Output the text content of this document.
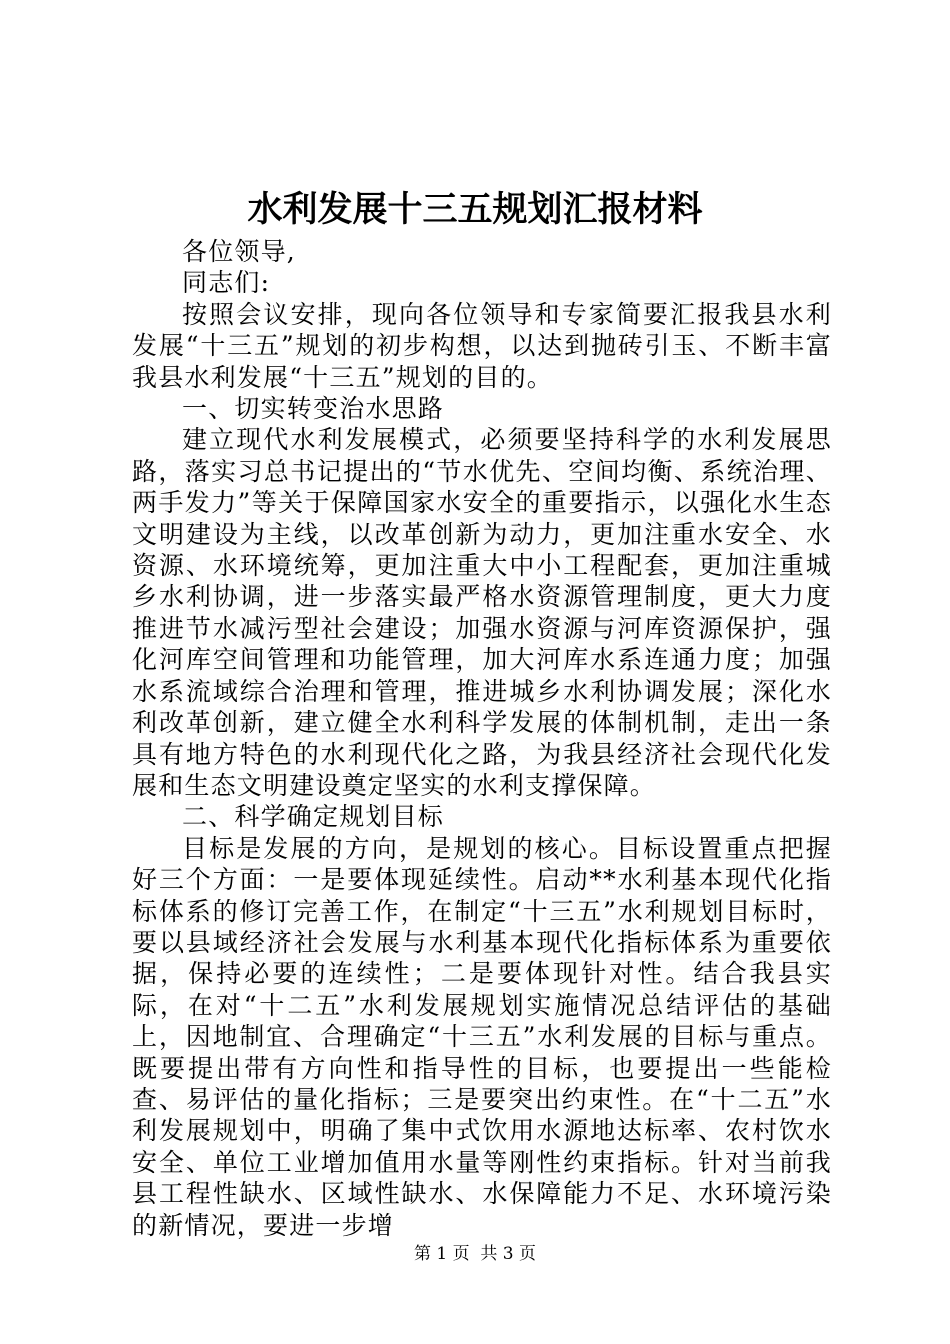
水利发展十三五规划汇报材料

各位领导,

同志们:

按照会议安排，现向各位领导和专家简要汇报我县水利发展“十三五”规划的初步构想，以达到抛砖引玉、不断丰富我县水利发展“十三五”规划的目的。

一、切实转变治水思路

建立现代水利发展模式，必须要坚持科学的水利发展思路，落实习总书记提出的“节水优先、空间均衡、系统治理、两手发力”等关于保障国家水安全的重要指示，以强化水生态文明建设为主线，以改革创新为动力，更加注重水安全、水资源、水环境统筹，更加注重大中小工程配套，更加注重城乡水利协调，进一步落实最严格水资源管理制度，更大力度推进节水减污型社会建设；加强水资源与河库资源保护，强化河库空间管理和功能管理，加大河库水系连通力度；加强水系流域综合治理和管理，推进城乡水利协调发展；深化水利改革创新，建立健全水利科学发展的体制机制，走出一条具有地方特色的水利现代化之路，为我县经济社会现代化发展和生态文明建设奠定坚实的水利支撑保障。

二、科学确定规划目标

目标是发展的方向，是规划的核心。目标设置重点把握好三个方面：一是要体现延续性。启动**水利基本现代化指标体系的修订完善工作，在制定“十三五”水利规划目标时，要以县域经济社会发展与水利基本现代化指标体系为重要依据，保持必要的连续性；二是要体现针对性。结合我县实际，在对“十二五”水利发展规划实施情况总结评估的基础上，因地制宜、合理确定“十三五”水利发展的目标与重点。既要提出带有方向性和指导性的目标，也要提出一些能检查、易评估的量化指标；三是要突出约束性。在“十二五”水利发展规划中，明确了集中式饮用水源地达标率、农村饮水安全、单位工业增加值用水量等刚性约束指标。针对当前我县工程性缺水、区域性缺水、水保障能力不足、水环境污染的新情况，要进一步增

第 1 页  共 3 页
